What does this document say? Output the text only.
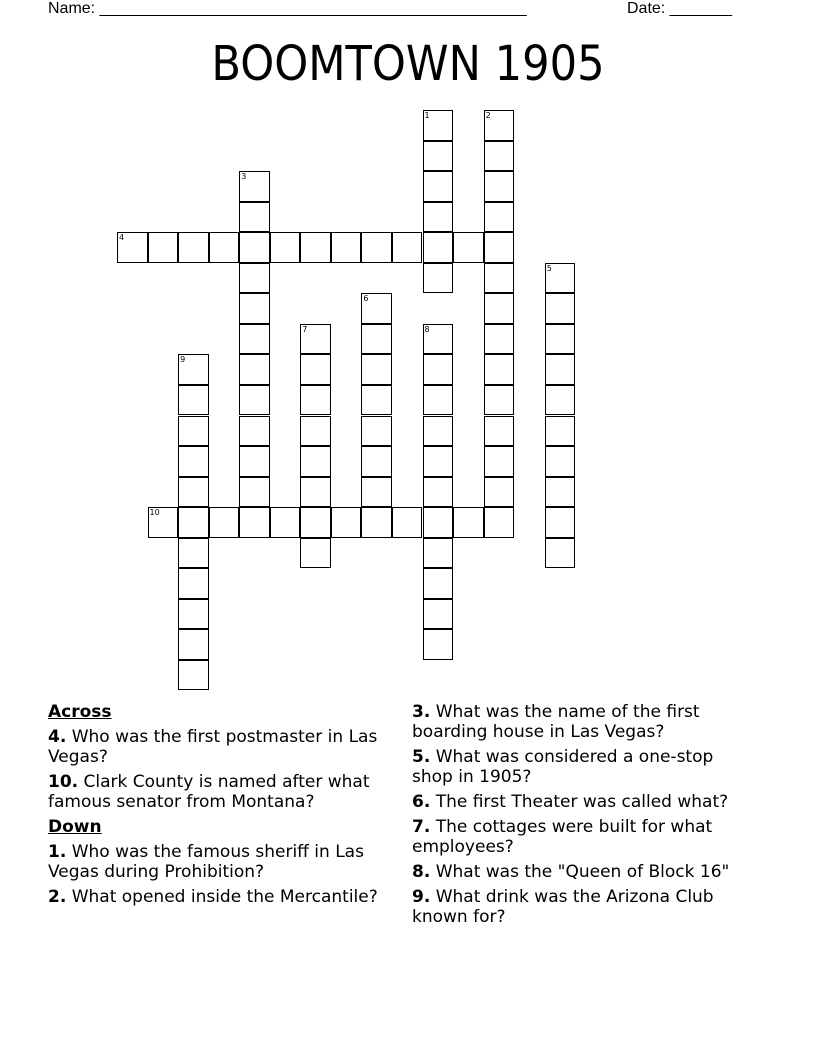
Name: ________________________________________________	Date: _______
BOOMTOWN 1905
1	2
3
4
5
6
7	8
9
10
Across
4. Who was the first postmaster in Las Vegas?
10. Clark County is named after what famous senator from Montana?
Down
1. Who was the famous sheriff in Las Vegas during Prohibition?
2. What opened inside the Mercantile?
3. What was the name of the first boarding house in Las Vegas?
5. What was considered a one-stop shop in 1905?
6. The first Theater was called what?
7. The cottages were built for what employees?
8. What was the "Queen of Block 16"
9. What drink was the Arizona Club known for?
